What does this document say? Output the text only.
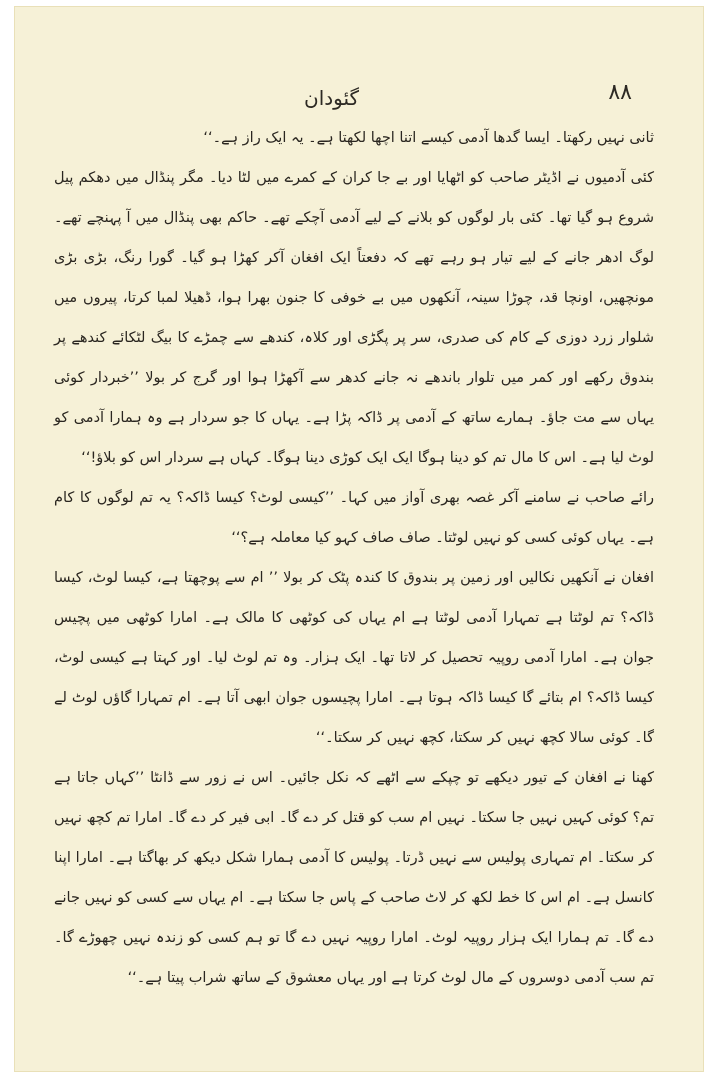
گئودان	٨٨

ثانی نہیں رکھتا۔ ایسا گدھا آدمی کیسے اتنا اچھا لکھتا ہے۔ یہ ایک راز ہے۔‘‘

کئی آدمیوں نے اڈیٹر صاحب کو اٹھایا اور بے جا کران کے کمرے میں لٹا دیا۔ مگر پنڈال میں دھکم پیل شروع ہو گیا تھا۔ کئی بار لوگوں کو بلانے کے لیے آدمی آچکے تھے۔ حاکم بھی پنڈال میں آ پہنچے تھے۔ لوگ ادھر جانے کے لیے تیار ہو رہے تھے کہ دفعتاً ایک افغان آکر کھڑا ہو گیا۔ گورا رنگ، بڑی بڑی مونچھیں، اونچا قد، چوڑا سینہ، آنکھوں میں بے خوفی کا جنون بھرا ہوا، ڈھیلا لمبا کرتا، پیروں میں شلوار زرد دوزی کے کام کی صدری، سر پر پگڑی اور کلاہ، کندھے سے چمڑے کا بیگ لٹکائے کندھے پر بندوق رکھے اور کمر میں تلوار باندھے نہ جانے کدھر سے آکھڑا ہوا اور گرج کر بولا ’’خبردار کوئی یہاں سے مت جاؤ۔ ہمارے ساتھ کے آدمی پر ڈاکہ پڑا ہے۔ یہاں کا جو سردار ہے وہ ہمارا آدمی کو لوٹ لیا ہے۔ اس کا مال تم کو دینا ہوگا ایک ایک کوڑی دینا ہوگا۔ کہاں ہے سردار اس کو بلاؤ!‘‘

رائے صاحب نے سامنے آکر غصہ بھری آواز میں کہا۔ ’’کیسی لوٹ؟ کیسا ڈاکہ؟ یہ تم لوگوں کا کام ہے۔ یہاں کوئی کسی کو نہیں لوٹتا۔ صاف صاف کہو کیا معاملہ ہے؟‘‘

افغان نے آنکھیں نکالیں اور زمین پر بندوق کا کندہ پٹک کر بولا ’’ ام سے پوچھتا ہے، کیسا لوٹ، کیسا ڈاکہ؟ تم لوٹتا ہے تمہارا آدمی لوٹتا ہے ام یہاں کی کوٹھی کا مالک ہے۔ امارا کوٹھی میں پچیس جوان ہے۔ امارا آدمی روپیہ تحصیل کر لاتا تھا۔ ایک ہزار۔ وہ تم لوٹ لیا۔ اور کہتا ہے کیسی لوٹ، کیسا ڈاکہ؟ ام بتائے گا کیسا ڈاکہ ہوتا ہے۔ امارا پچیسوں جوان ابھی آتا ہے۔ ام تمہارا گاؤں لوٹ لے گا۔ کوئی سالا کچھ نہیں کر سکتا، کچھ نہیں کر سکتا۔‘‘

کھنا نے افغان کے تیور دیکھے تو چپکے سے اٹھے کہ نکل جائیں۔ اس نے زور سے ڈانٹا ’’کہاں جاتا ہے تم؟ کوئی کہیں نہیں جا سکتا۔ نہیں ام سب کو قتل کر دے گا۔ ابی فیر کر دے گا۔ امارا تم کچھ نہیں کر سکتا۔ ام تمہاری پولیس سے نہیں ڈرتا۔ پولیس کا آدمی ہمارا شکل دیکھ کر بھاگتا ہے۔ امارا اپنا کانسل ہے۔ ام اس کا خط لکھ کر لاٹ صاحب کے پاس جا سکتا ہے۔ ام یہاں سے کسی کو نہیں جانے دے گا۔ تم ہمارا ایک ہزار روپیہ لوٹ۔ امارا روپیہ نہیں دے گا تو ہم کسی کو زندہ نہیں چھوڑے گا۔ تم سب آدمی دوسروں کے مال لوٹ کرتا ہے اور یہاں معشوق کے ساتھ شراب پیتا ہے۔‘‘
